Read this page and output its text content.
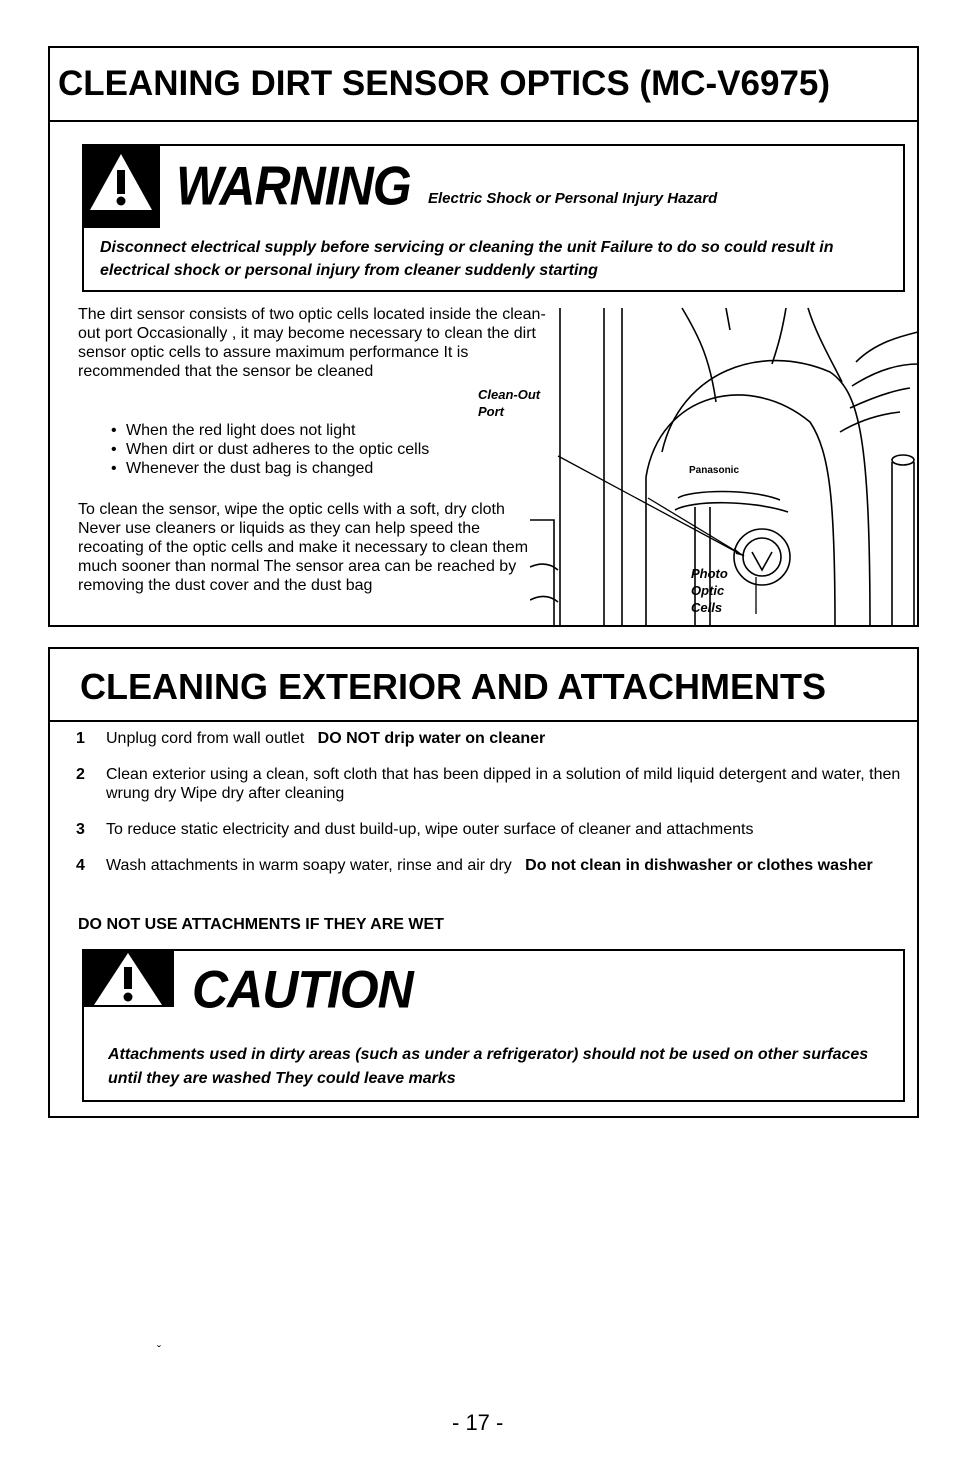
CLEANING DIRT SENSOR OPTICS (MC-V6975)
WARNING Electric Shock or Personal Injury Hazard
Disconnect electrical supply before servicing or cleaning the unit Failure to do so could result in electrical shock or personal injury from cleaner suddenly starting
The dirt sensor consists of two optic cells located inside the clean-out port Occasionally , it may become necessary to clean the dirt sensor optic cells to assure maximum performance It is recommended that the sensor be cleaned
• When the red light does not light
• When dirt or dust adheres to the optic cells
• Whenever the dust bag is changed
To clean the sensor, wipe the optic cells with a soft, dry cloth Never use cleaners or liquids as they can help speed the recoating of the optic cells and make it necessary to clean them much sooner than normal The sensor area can be reached by removing the dust cover and the dust bag
Panasonic
Clean-Out Port
Photo Optic Cells
CLEANING EXTERIOR AND ATTACHMENTS
1 Unplug cord from wall outlet DO NOT drip water on cleaner
2 Clean exterior using a clean, soft cloth that has been dipped in a solution of mild liquid detergent and water, then wrung dry Wipe dry after cleaning
3 To reduce static electricity and dust build-up, wipe outer surface of cleaner and attachments
4 Wash attachments in warm soapy water, rinse and air dry Do not clean in dishwasher or clothes washer
DO NOT USE ATTACHMENTS IF THEY ARE WET
CAUTION
Attachments used in dirty areas (such as under a refrigerator) should not be used on other surfaces until they are washed They could leave marks
ˇ
- 17 -
